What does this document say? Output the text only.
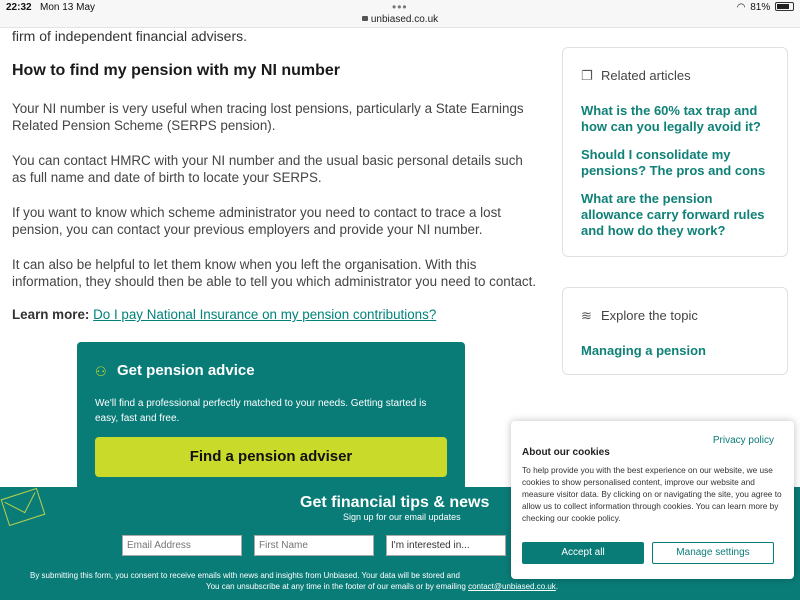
22:32 Mon 13 May	•••
unbiased.co.uk
◠ 81%
firm of independent financial advisers.
How to find my pension with my NI number

Your NI number is very useful when tracing lost pensions, particularly a State Earnings Related Pension Scheme (SERPS pension).

You can contact HMRC with your NI number and the usual basic personal details such as full name and date of birth to locate your SERPS.

If you want to know which scheme administrator you need to contact to trace a lost pension, you can contact your previous employers and provide your NI number.

It can also be helpful to let them know when you left the organisation. With this information, they should then be able to tell you which administrator you need to contact.

Learn more: Do I pay National Insurance on my pension contributions?
⚇ Get pension advice
We'll find a professional perfectly matched to your needs. Getting started is easy, fast and free.
Find a pension adviser
❐ Related articles
What is the 60% tax trap and how can you legally avoid it?
Should I consolidate my pensions? The pros and cons
What are the pension allowance carry forward rules and how do they work?
≋ Explore the topic
Managing a pension
Get financial tips & news
Sign up for our email updates
Email Address
First Name
I'm interested in...
By submitting this form, you consent to receive emails with news and insights from Unbiased. Your data will be stored and
You can unsubscribe at any time in the footer of our emails or by emailing contact@unbiased.co.uk.
Privacy policy
About our cookies
To help provide you with the best experience on our website, we use cookies to show personalised content, improve our website and measure visitor data. By clicking on or navigating the site, you agree to allow us to collect information through cookies. You can learn more by checking our cookie policy.
Accept all	Manage settings
